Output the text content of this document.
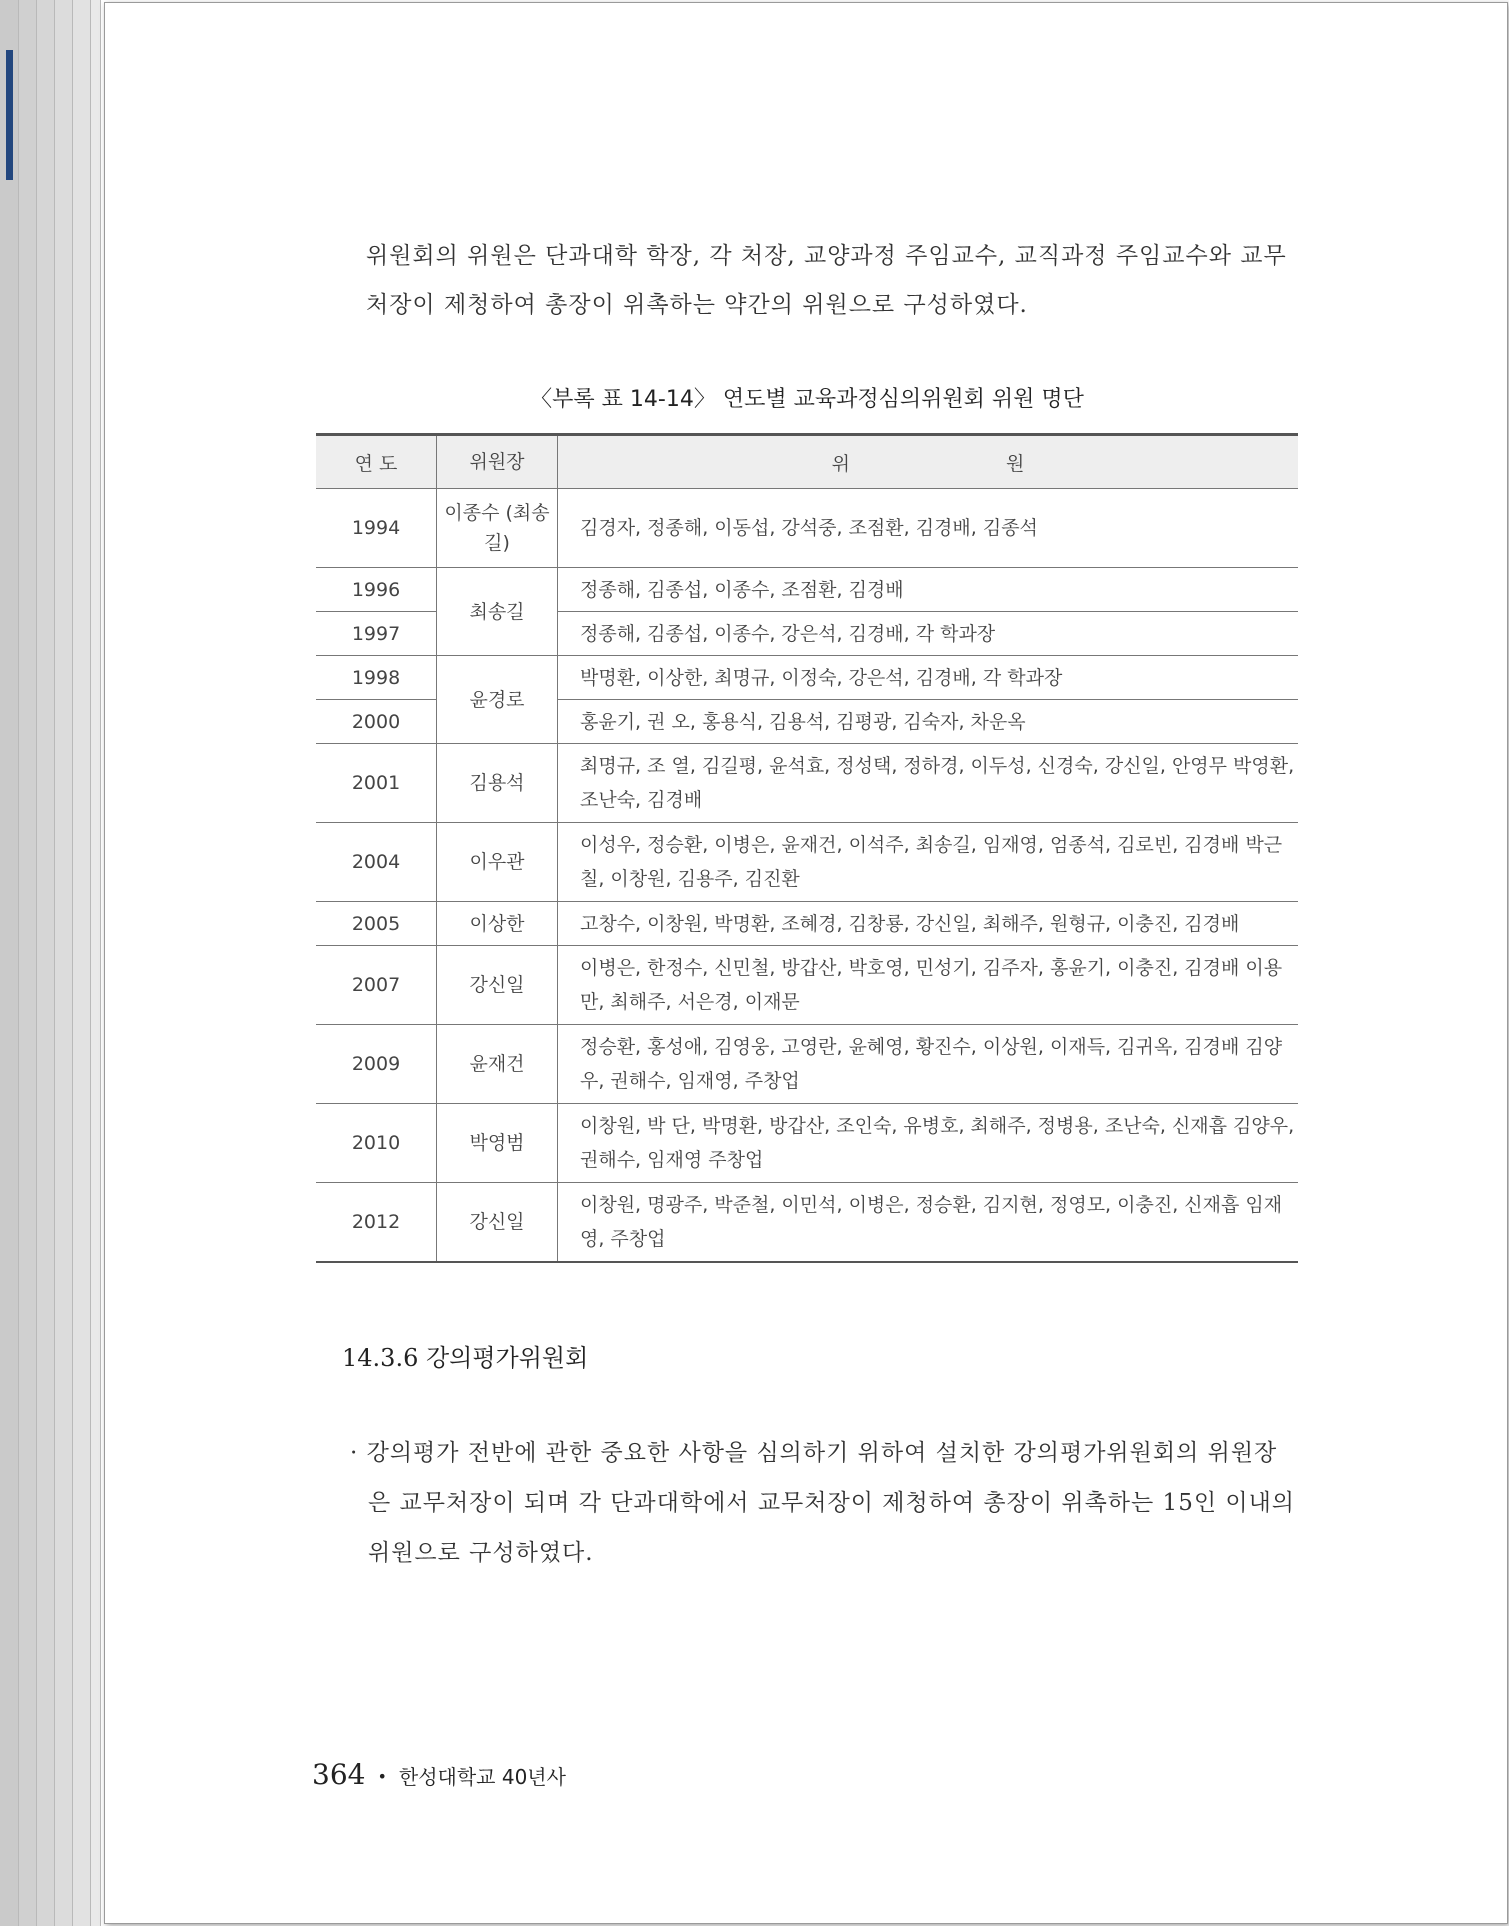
위원회의 위원은 단과대학 학장, 각 처장, 교양과정 주임교수, 교직과정 주임교수와 교무처장이 제청하여 총장이 위촉하는 약간의 위원으로 구성하였다.

〈부록 표 14-14〉 연도별 교육과정심의위원회 위원 명단
연 도	위원장	위 원
1994	이종수 (최송길)	김경자, 정종해, 이동섭, 강석중, 조점환, 김경배, 김종석
1996	최송길	정종해, 김종섭, 이종수, 조점환, 김경배
1997		정종해, 김종섭, 이종수, 강은석, 김경배, 각 학과장
1998	윤경로	박명환, 이상한, 최명규, 이정숙, 강은석, 김경배, 각 학과장
2000		홍윤기, 권 오, 홍용식, 김용석, 김평광, 김숙자, 차운옥
2001	김용석	최명규, 조 열, 김길평, 윤석효, 정성택, 정하경, 이두성, 신경숙, 강신일, 안영무 박영환, 조난숙, 김경배
2004	이우관	이성우, 정승환, 이병은, 윤재건, 이석주, 최송길, 임재영, 엄종석, 김로빈, 김경배 박근칠, 이창원, 김용주, 김진환
2005	이상한	고창수, 이창원, 박명환, 조혜경, 김창룡, 강신일, 최해주, 원형규, 이충진, 김경배
2007	강신일	이병은, 한정수, 신민철, 방갑산, 박호영, 민성기, 김주자, 홍윤기, 이충진, 김경배 이용만, 최해주, 서은경, 이재문
2009	윤재건	정승환, 홍성애, 김영웅, 고영란, 윤혜영, 황진수, 이상원, 이재득, 김귀옥, 김경배 김양우, 권해수, 임재영, 주창업
2010	박영범	이창원, 박 단, 박명환, 방갑산, 조인숙, 유병호, 최해주, 정병용, 조난숙, 신재흡 김양우, 권해수, 임재영 주창업
2012	강신일	이창원, 명광주, 박준철, 이민석, 이병은, 정승환, 김지현, 정영모, 이충진, 신재흡 임재영, 주창업
14.3.6 강의평가위원회

· 강의평가 전반에 관한 중요한 사항을 심의하기 위하여 설치한 강의평가위원회의 위원장은 교무처장이 되며 각 단과대학에서 교무처장이 제청하여 총장이 위촉하는 15인 이내의 위원으로 구성하였다.

364 • 한성대학교 40년사
